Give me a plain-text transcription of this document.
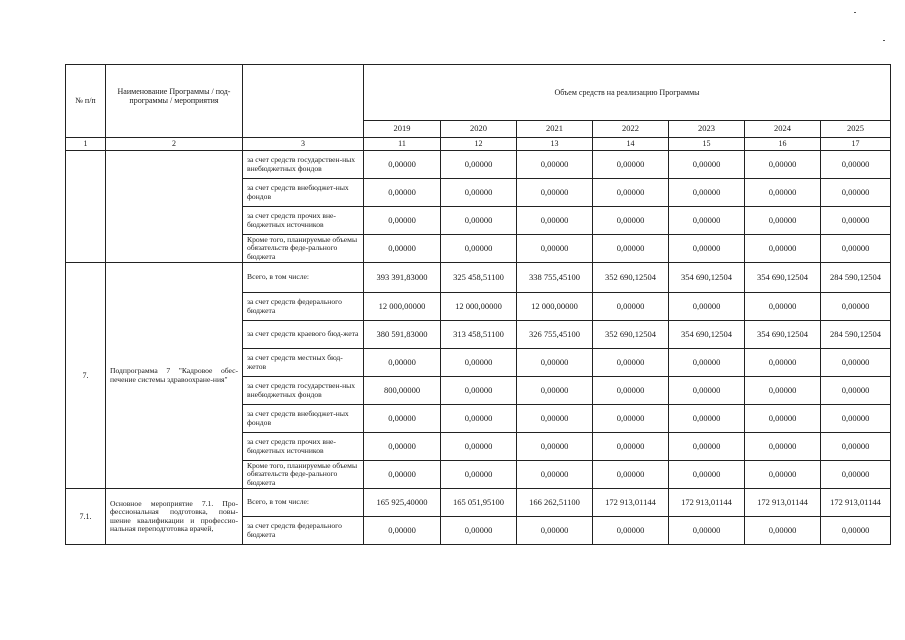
№ п/п	Наименование Программы / под-программы / мероприятия		Объем средств на реализацию Программы						
			2019	2020	2021	2022	2023	2024	2025
1	2	3	11	12	13	14	15	16	17
		за счет средств государствен-ных внебюджетных фондов	0,00000	0,00000	0,00000	0,00000	0,00000	0,00000	0,00000
		за счет средств внебюджет-ных фондов	0,00000	0,00000	0,00000	0,00000	0,00000	0,00000	0,00000
		за счет средств прочих вне-бюджетных источников	0,00000	0,00000	0,00000	0,00000	0,00000	0,00000	0,00000
		Кроме того, планируемые объемы обязательств феде-рального бюджета	0,00000	0,00000	0,00000	0,00000	0,00000	0,00000	0,00000
7.	Подпрограмма 7 "Кадровое обес-печение системы здравоохране-ния"	Всего, в том числе:	393 391,83000	325 458,51100	338 755,45100	352 690,12504	354 690,12504	354 690,12504	284 590,12504
		за счет средств федерального бюджета	12 000,00000	12 000,00000	12 000,00000	0,00000	0,00000	0,00000	0,00000
		за счет средств краевого бюд-жета	380 591,83000	313 458,51100	326 755,45100	352 690,12504	354 690,12504	354 690,12504	284 590,12504
		за счет средств местных бюд-жетов	0,00000	0,00000	0,00000	0,00000	0,00000	0,00000	0,00000
		за счет средств государствен-ных внебюджетных фондов	800,00000	0,00000	0,00000	0,00000	0,00000	0,00000	0,00000
		за счет средств внебюджет-ных фондов	0,00000	0,00000	0,00000	0,00000	0,00000	0,00000	0,00000
		за счет средств прочих вне-бюджетных источников	0,00000	0,00000	0,00000	0,00000	0,00000	0,00000	0,00000
		Кроме того, планируемые объемы обязательств феде-рального бюджета	0,00000	0,00000	0,00000	0,00000	0,00000	0,00000	0,00000
7.1.	Основное мероприятие 7.1. Про-фессиональная подготовка, повы-шение квалификации и профессио-нальная переподготовка врачей,	Всего, в том числе:	165 925,40000	165 051,95100	166 262,51100	172 913,01144	172 913,01144	172 913,01144	172 913,01144
		за счет средств федерального бюджета	0,00000	0,00000	0,00000	0,00000	0,00000	0,00000	0,00000
